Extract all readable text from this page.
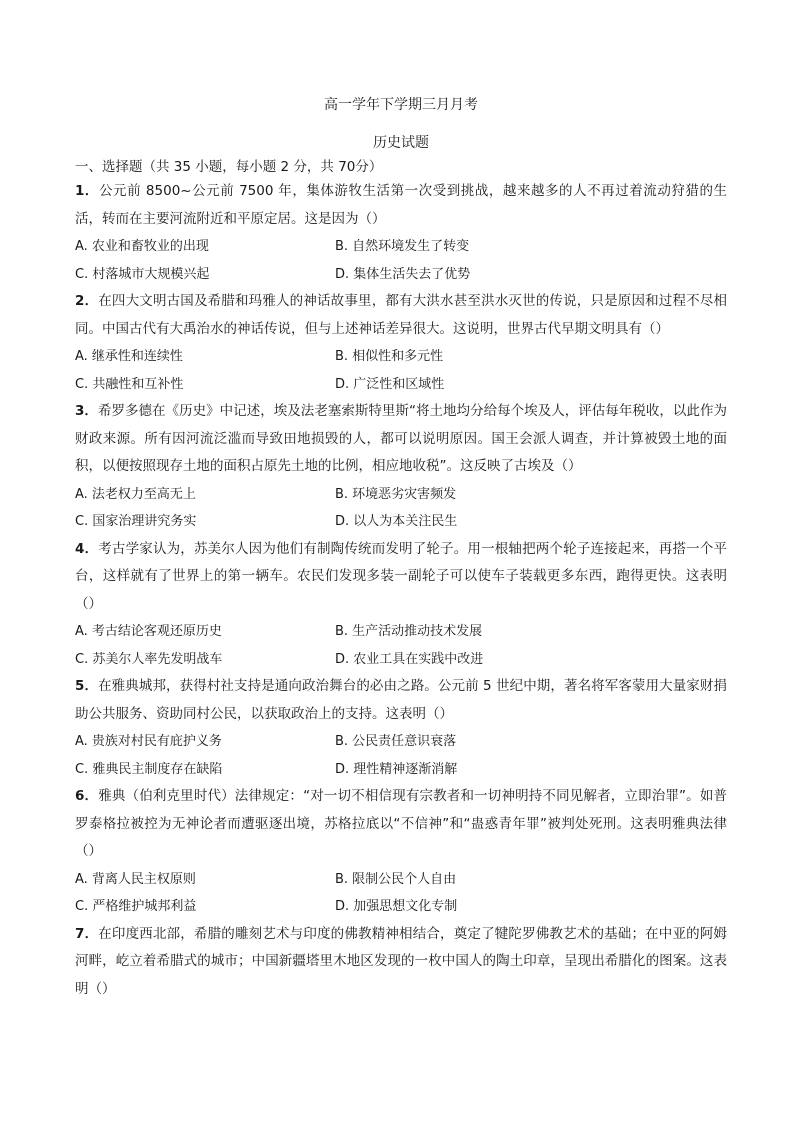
高一学年下学期三月月考
历史试题

一、选择题（共 35 小题，每小题 2 分，共 70分）

1．公元前 8500~公元前 7500 年，集体游牧生活第一次受到挑战，越来越多的人不再过着流动狩猎的生活，转而在主要河流附近和平原定居。这是因为（）

A. 农业和畜牧业的出现	B. 自然环境发生了转变
C. 村落城市大规模兴起	D. 集体生活失去了优势

2．在四大文明古国及希腊和玛雅人的神话故事里，都有大洪水甚至洪水灭世的传说，只是原因和过程不尽相同。中国古代有大禹治水的神话传说，但与上述神话差异很大。这说明，世界古代早期文明具有（）

A. 继承性和连续性	B. 相似性和多元性
C. 共融性和互补性	D. 广泛性和区域性

3．希罗多德在《历史》中记述，埃及法老塞索斯特里斯“将土地均分给每个埃及人，评估每年税收，以此作为财政来源。所有因河流泛滥而导致田地损毁的人，都可以说明原因。国王会派人调查，并计算被毁土地的面积，以便按照现存土地的面积占原先土地的比例，相应地收税”。这反映了古埃及（）

A. 法老权力至高无上	B. 环境恶劣灾害频发
C. 国家治理讲究务实	D. 以人为本关注民生

4．考古学家认为，苏美尔人因为他们有制陶传统而发明了轮子。用一根轴把两个轮子连接起来，再搭一个平台，这样就有了世界上的第一辆车。农民们发现多装一副轮子可以使车子装载更多东西，跑得更快。这表明（）

A. 考古结论客观还原历史	B. 生产活动推动技术发展
C. 苏美尔人率先发明战车	D. 农业工具在实践中改进

5．在雅典城邦，获得村社支持是通向政治舞台的必由之路。公元前 5 世纪中期，著名将军客蒙用大量家财捐助公共服务、资助同村公民，以获取政治上的支持。这表明（）

A. 贵族对村民有庇护义务	B. 公民责任意识衰落
C. 雅典民主制度存在缺陷	D. 理性精神逐渐消解

6．雅典（伯利克里时代）法律规定：“对一切不相信现有宗教者和一切神明持不同见解者，立即治罪”。如普罗泰格拉被控为无神论者而遭驱逐出境，苏格拉底以“不信神”和“蛊惑青年罪”被判处死刑。这表明雅典法律（）

A. 背离人民主权原则	B. 限制公民个人自由
C. 严格维护城邦利益	D. 加强思想文化专制

7．在印度西北部，希腊的雕刻艺术与印度的佛教精神相结合，奠定了犍陀罗佛教艺术的基础；在中亚的阿姆河畔，屹立着希腊式的城市；中国新疆塔里木地区发现的一枚中国人的陶土印章，呈现出希腊化的图案。这表明（）
